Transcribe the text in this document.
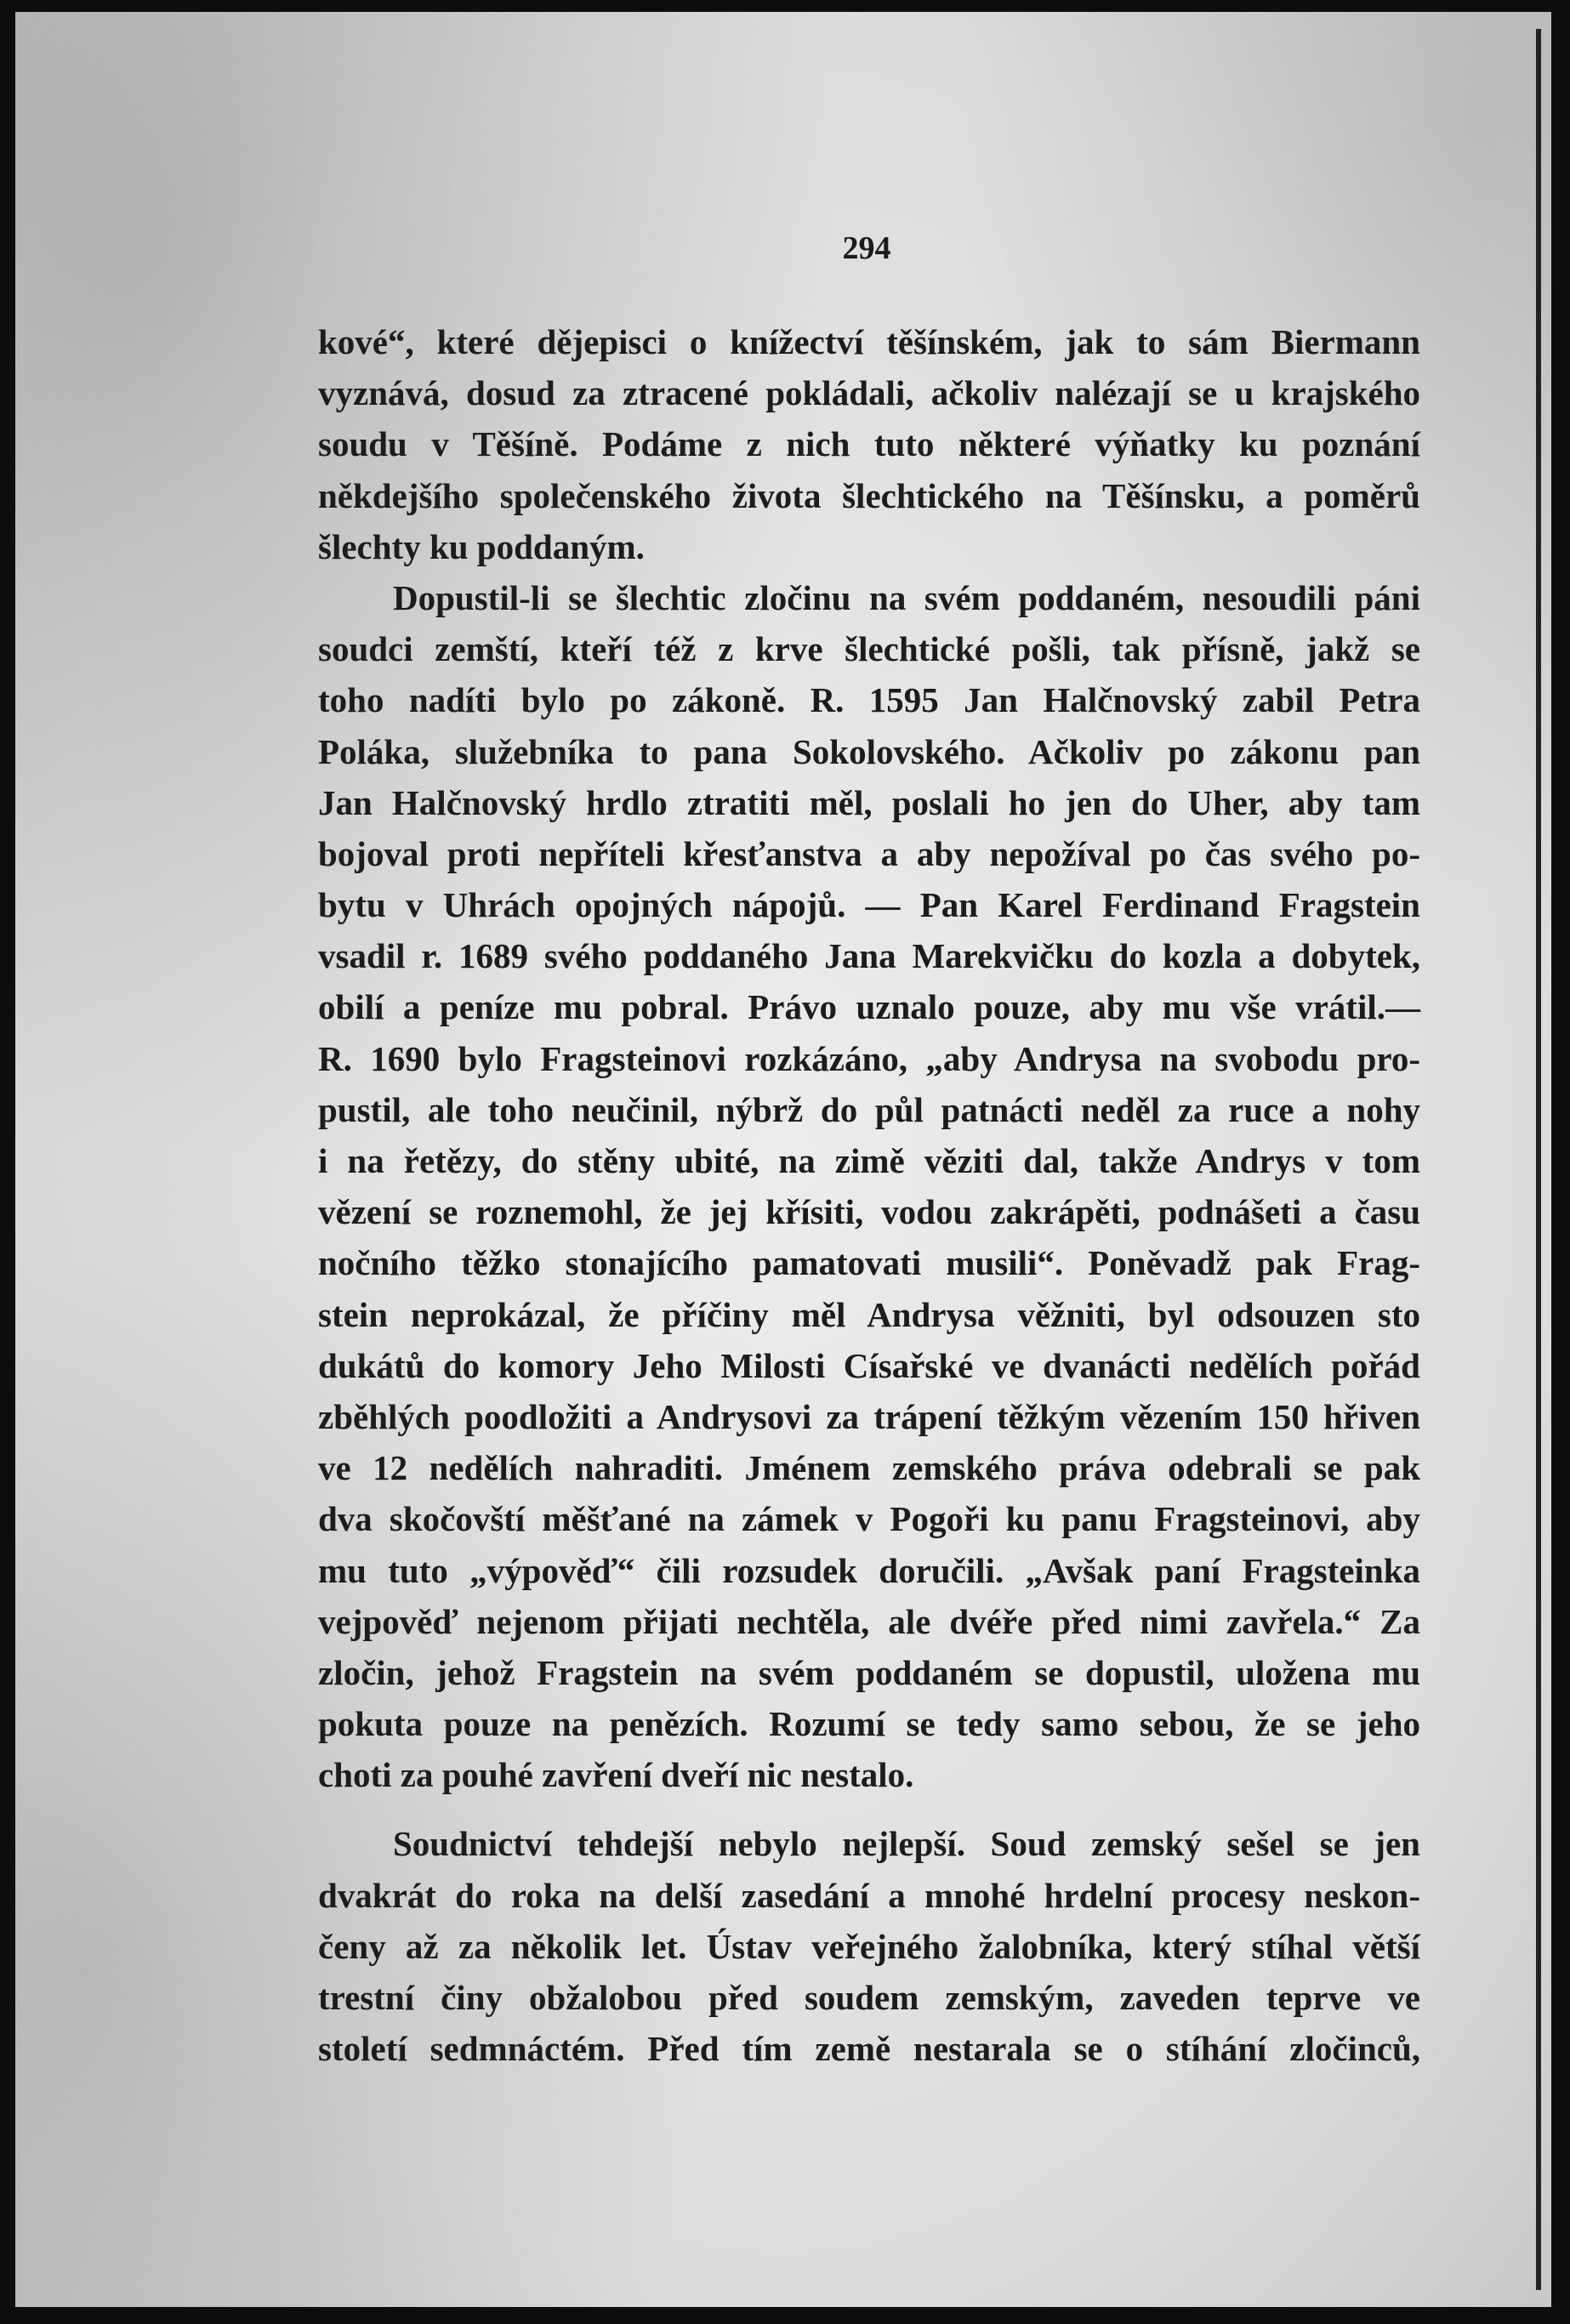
294
kové“, které dějepisci o knížectví těšínském, jak to sám Biermann
vyznává, dosud za ztracené pokládali, ačkoliv nalézají se u krajského
soudu v Těšíně. Podáme z nich tuto některé výňatky ku poznání
někdejšího společenského života šlechtického na Těšínsku, a poměrů
šlechty ku poddaným.
Dopustil-li se šlechtic zločinu na svém poddaném, nesoudili páni
soudci zemští, kteří též z krve šlechtické pošli, tak přísně, jakž se
toho nadíti bylo po zákoně. R. 1595 Jan Halčnovský zabil Petra
Poláka, služebníka to pana Sokolovského. Ačkoliv po zákonu pan
Jan Halčnovský hrdlo ztratiti měl, poslali ho jen do Uher, aby tam
bojoval proti nepříteli křesťanstva a aby nepožíval po čas svého po-
bytu v Uhrách opojných nápojů. — Pan Karel Ferdinand Fragstein
vsadil r. 1689 svého poddaného Jana Marekvičku do kozla a dobytek,
obilí a peníze mu pobral. Právo uznalo pouze, aby mu vše vrátil.—
R. 1690 bylo Fragsteinovi rozkázáno, „aby Andrysa na svobodu pro-
pustil, ale toho neučinil, nýbrž do půl patnácti neděl za ruce a nohy
i na řetězy, do stěny ubité, na zimě věziti dal, takže Andrys v tom
vězení se roznemohl, že jej křísiti, vodou zakrápěti, podnášeti a času
nočního těžko stonajícího pamatovati musili“. Poněvadž pak Frag-
stein neprokázal, že příčiny měl Andrysa věžniti, byl odsouzen sto
dukátů do komory Jeho Milosti Císařské ve dvanácti nedělích pořád
zběhlých poodložiti a Andrysovi za trápení těžkým vězením 150 hřiven
ve 12 nedělích nahraditi. Jménem zemského práva odebrali se pak
dva skočovští měšťané na zámek v Pogoři ku panu Fragsteinovi, aby
mu tuto „výpověď“ čili rozsudek doručili. „Avšak paní Fragsteinka
vejpověď nejenom přijati nechtěla, ale dvéře před nimi zavřela.“ Za
zločin, jehož Fragstein na svém poddaném se dopustil, uložena mu
pokuta pouze na penězích. Rozumí se tedy samo sebou, že se jeho
choti za pouhé zavření dveří nic nestalo.
Soudnictví tehdejší nebylo nejlepší. Soud zemský sešel se jen
dvakrát do roka na delší zasedání a mnohé hrdelní procesy neskon-
čeny až za několik let. Ústav veřejného žalobníka, který stíhal větší
trestní činy obžalobou před soudem zemským, zaveden teprve ve
století sedmnáctém. Před tím země nestarala se o stíhání zločinců,
